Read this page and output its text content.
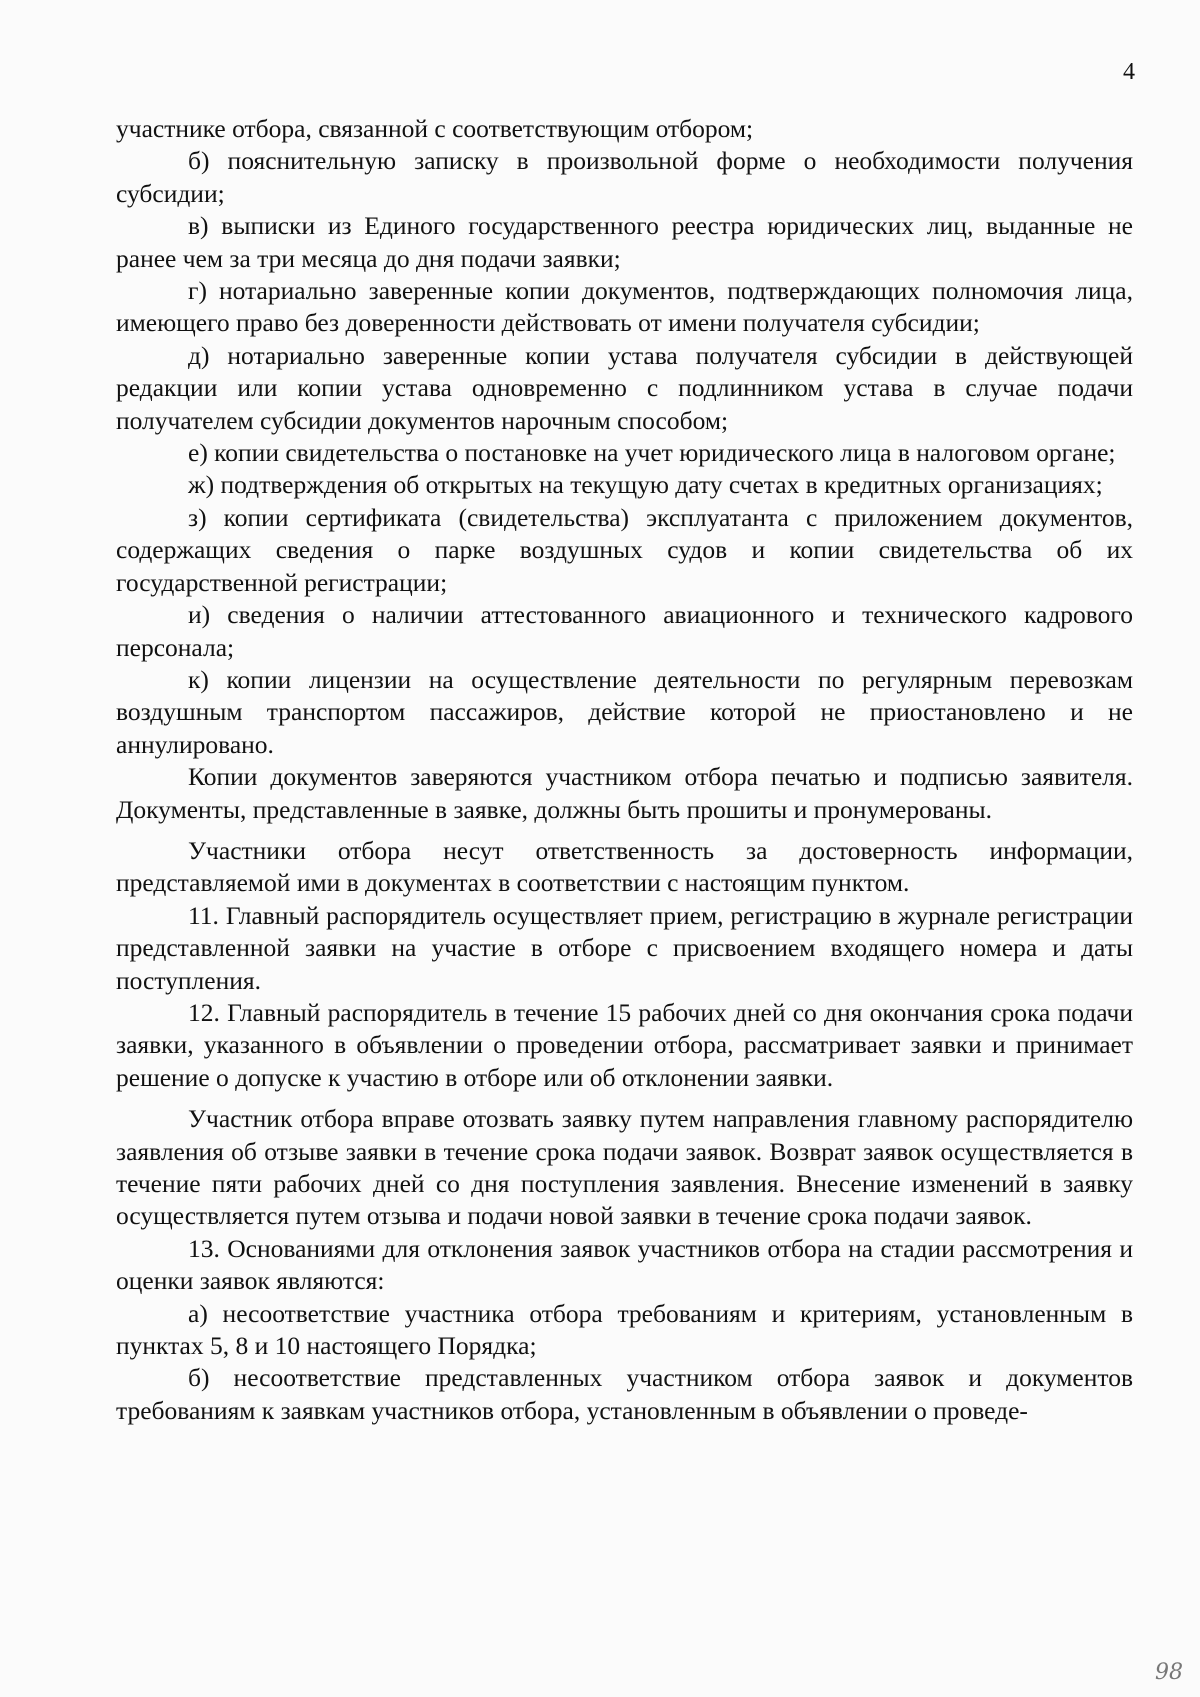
4

участнике отбора, связанной с соответствующим отбором;

б) пояснительную записку в произвольной форме о необходимости получения субсидии;

в) выписки из Единого государственного реестра юридических лиц, выданные не ранее чем за три месяца до дня подачи заявки;

г) нотариально заверенные копии документов, подтверждающих полномочия лица, имеющего право без доверенности действовать от имени получателя субсидии;

д) нотариально заверенные копии устава получателя субсидии в действующей редакции или копии устава одновременно с подлинником устава в случае подачи получателем субсидии документов нарочным способом;

е) копии свидетельства о постановке на учет юридического лица в налоговом органе;

ж) подтверждения об открытых на текущую дату счетах в кредитных организациях;

з) копии сертификата (свидетельства) эксплуатанта с приложением документов, содержащих сведения о парке воздушных судов и копии свидетельства об их государственной регистрации;

и) сведения о наличии аттестованного авиационного и технического кадрового персонала;

к) копии лицензии на осуществление деятельности по регулярным перевозкам воздушным транспортом пассажиров, действие которой не приостановлено и не аннулировано.

Копии документов заверяются участником отбора печатью и подписью заявителя. Документы, представленные в заявке, должны быть прошиты и пронумерованы.

Участники отбора несут ответственность за достоверность информации, представляемой ими в документах в соответствии с настоящим пунктом.

11. Главный распорядитель осуществляет прием, регистрацию в журнале регистрации представленной заявки на участие в отборе с присвоением входящего номера и даты поступления.

12. Главный распорядитель в течение 15 рабочих дней со дня окончания срока подачи заявки, указанного в объявлении о проведении отбора, рассматривает заявки и принимает решение о допуске к участию в отборе или об отклонении заявки.

Участник отбора вправе отозвать заявку путем направления главному распорядителю заявления об отзыве заявки в течение срока подачи заявок. Возврат заявок осуществляется в течение пяти рабочих дней со дня поступления заявления. Внесение изменений в заявку осуществляется путем отзыва и подачи новой заявки в течение срока подачи заявок.

13. Основаниями для отклонения заявок участников отбора на стадии рассмотрения и оценки заявок являются:

а) несоответствие участника отбора требованиям и критериям, установленным в пунктах 5, 8 и 10 настоящего Порядка;

б) несоответствие представленных участником отбора заявок и документов требованиям к заявкам участников отбора, установленным в объявлении о проведе-

98
